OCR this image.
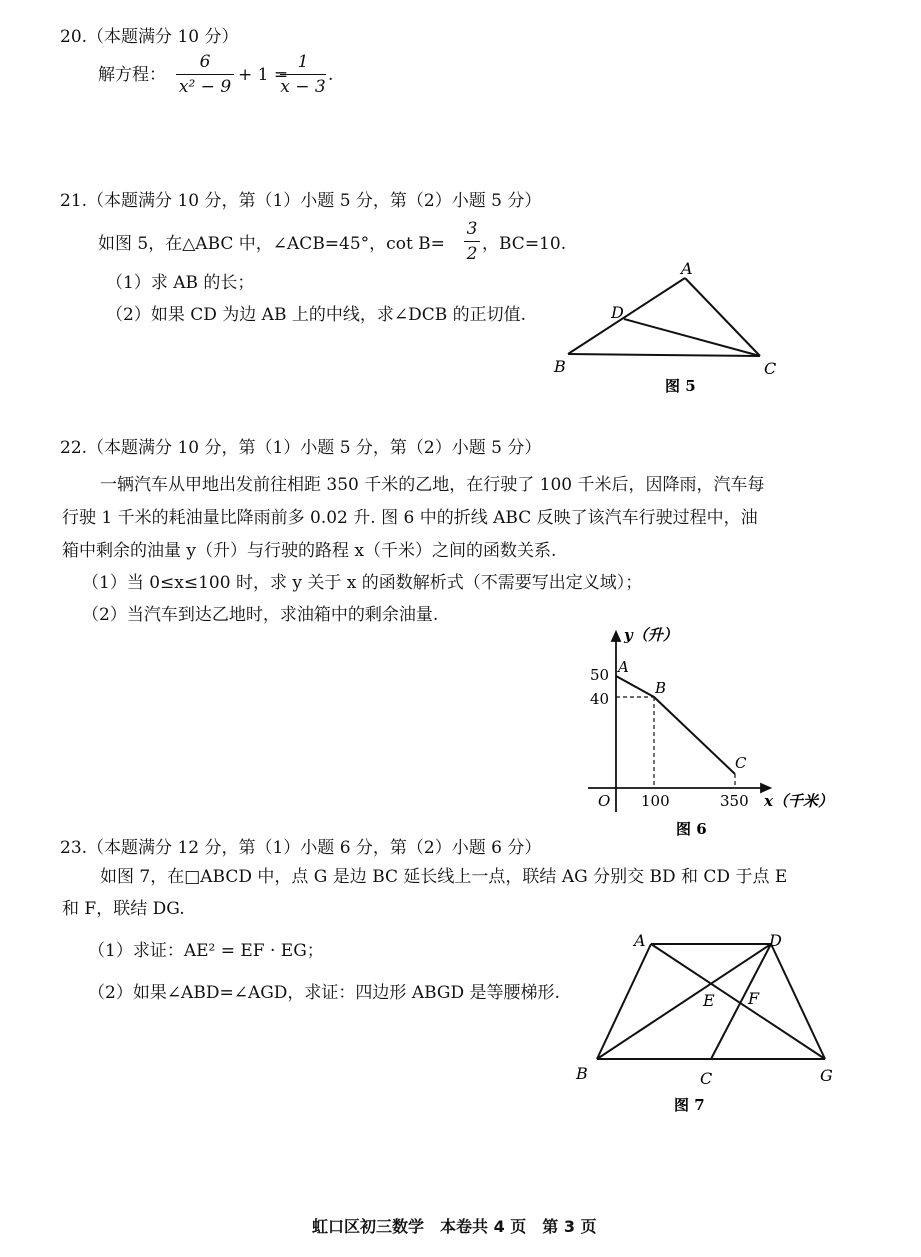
20.（本题满分 10 分）
解方程：
6
x² − 9
+ 1 =
1
x − 3
.
21.（本题满分 10 分，第（1）小题 5 分，第（2）小题 5 分）
如图 5，在△ABC 中，∠ACB=45°，cot B=
3
2 ，BC=10.
（1）求 AB 的长；
（2）如果 CD 为边 AB 上的中线，求∠DCB 的正切值.
A
D
B	C
图 5
22.（本题满分 10 分，第（1）小题 5 分，第（2）小题 5 分）
一辆汽车从甲地出发前往相距 350 千米的乙地，在行驶了 100 千米后，因降雨，汽车每
行驶 1 千米的耗油量比降雨前多 0.02 升. 图 6 中的折线 ABC 反映了该汽车行驶过程中，油
箱中剩余的油量 y（升）与行驶的路程 x（千米）之间的函数关系.
（1）当 0≤x≤100 时，求 y 关于 x 的函数解析式（不需要写出定义域）；
（2）当汽车到达乙地时，求油箱中的剩余油量.
y（升）
50
40
A
B
C
O 100	350 x（千米）
图 6
23.（本题满分 12 分，第（1）小题 6 分，第（2）小题 6 分）
如图 7，在□ABCD 中，点 G 是边 BC 延长线上一点，联结 AG 分别交 BD 和 CD 于点 E
和 F，联结 DG.
（1）求证：AE² = EF · EG；
（2）如果∠ABD=∠AGD，求证：四边形 ABGD 是等腰梯形.
A	D
E F
B	C	G
图 7
虹口区初三数学　本卷共 4 页　第 3 页
